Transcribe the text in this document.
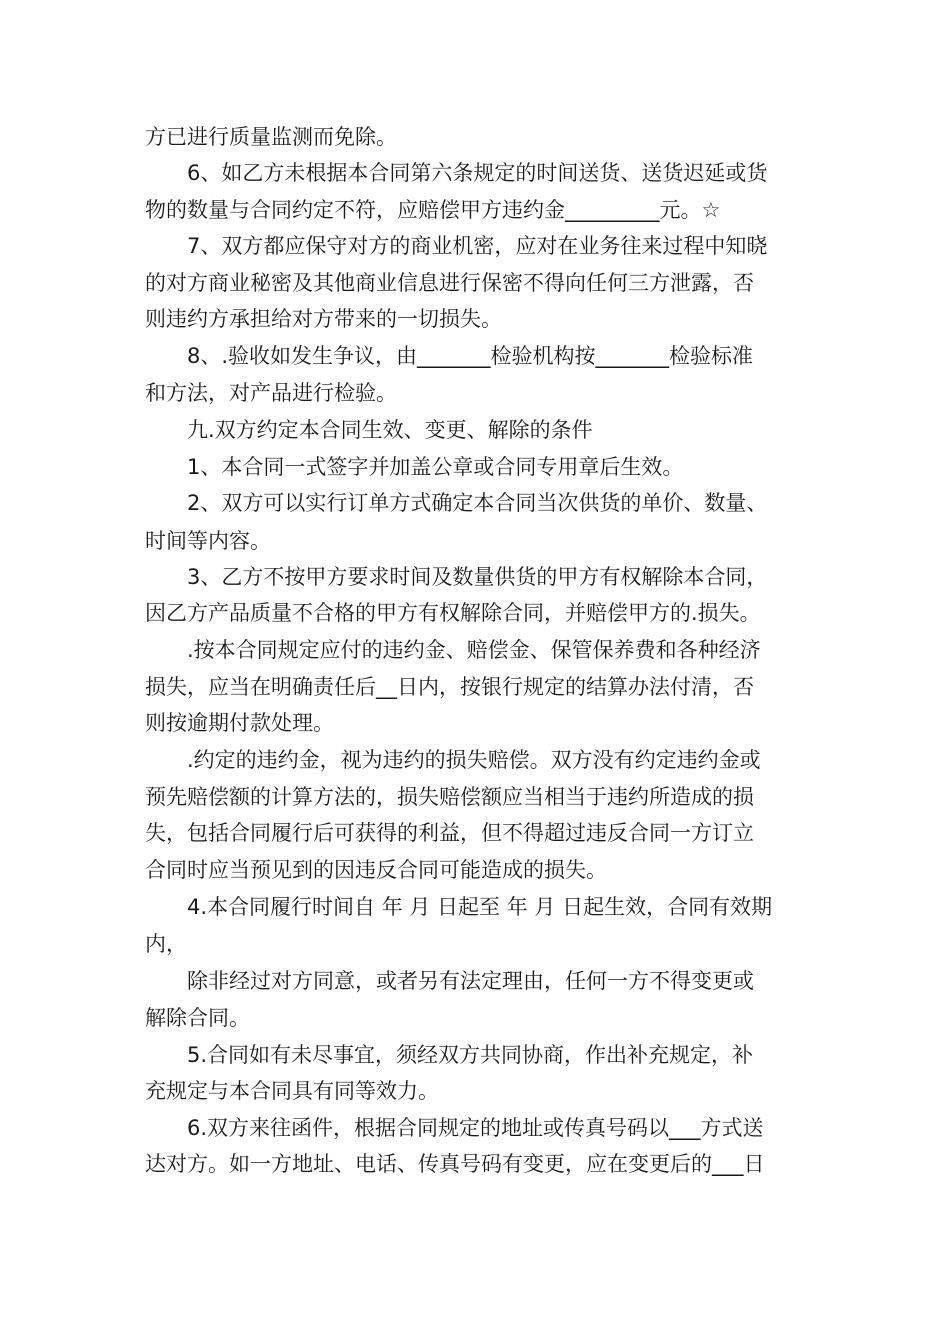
方已进行质量监测而免除。
6、如乙方未根据本合同第六条规定的时间送货、送货迟延或货
物的数量与合同约定不符，应赔偿甲方违约金_________元。☆
7、双方都应保守对方的商业机密，应对在业务往来过程中知晓
的对方商业秘密及其他商业信息进行保密不得向任何三方泄露，否
则违约方承担给对方带来的一切损失。
8、.验收如发生争议，由_______检验机构按_______检验标准
和方法，对产品进行检验。
九.双方约定本合同生效、变更、解除的条件
1、本合同一式签字并加盖公章或合同专用章后生效。
2、双方可以实行订单方式确定本合同当次供货的单价、数量、
时间等内容。
3、乙方不按甲方要求时间及数量供货的甲方有权解除本合同，
因乙方产品质量不合格的甲方有权解除合同，并赔偿甲方的.损失。
.按本合同规定应付的违约金、赔偿金、保管保养费和各种经济
损失，应当在明确责任后__日内，按银行规定的结算办法付清，否
则按逾期付款处理。
.约定的违约金，视为违约的损失赔偿。双方没有约定违约金或
预先赔偿额的计算方法的，损失赔偿额应当相当于违约所造成的损
失，包括合同履行后可获得的利益，但不得超过违反合同一方订立
合同时应当预见到的因违反合同可能造成的损失。
4.本合同履行时间自 年 月 日起至 年 月 日起生效，合同有效期
内，
除非经过对方同意，或者另有法定理由，任何一方不得变更或
解除合同。
5.合同如有未尽事宜，须经双方共同协商，作出补充规定，补
充规定与本合同具有同等效力。
6.双方来往函件，根据合同规定的地址或传真号码以___方式送
达对方。如一方地址、电话、传真号码有变更，应在变更后的___日
